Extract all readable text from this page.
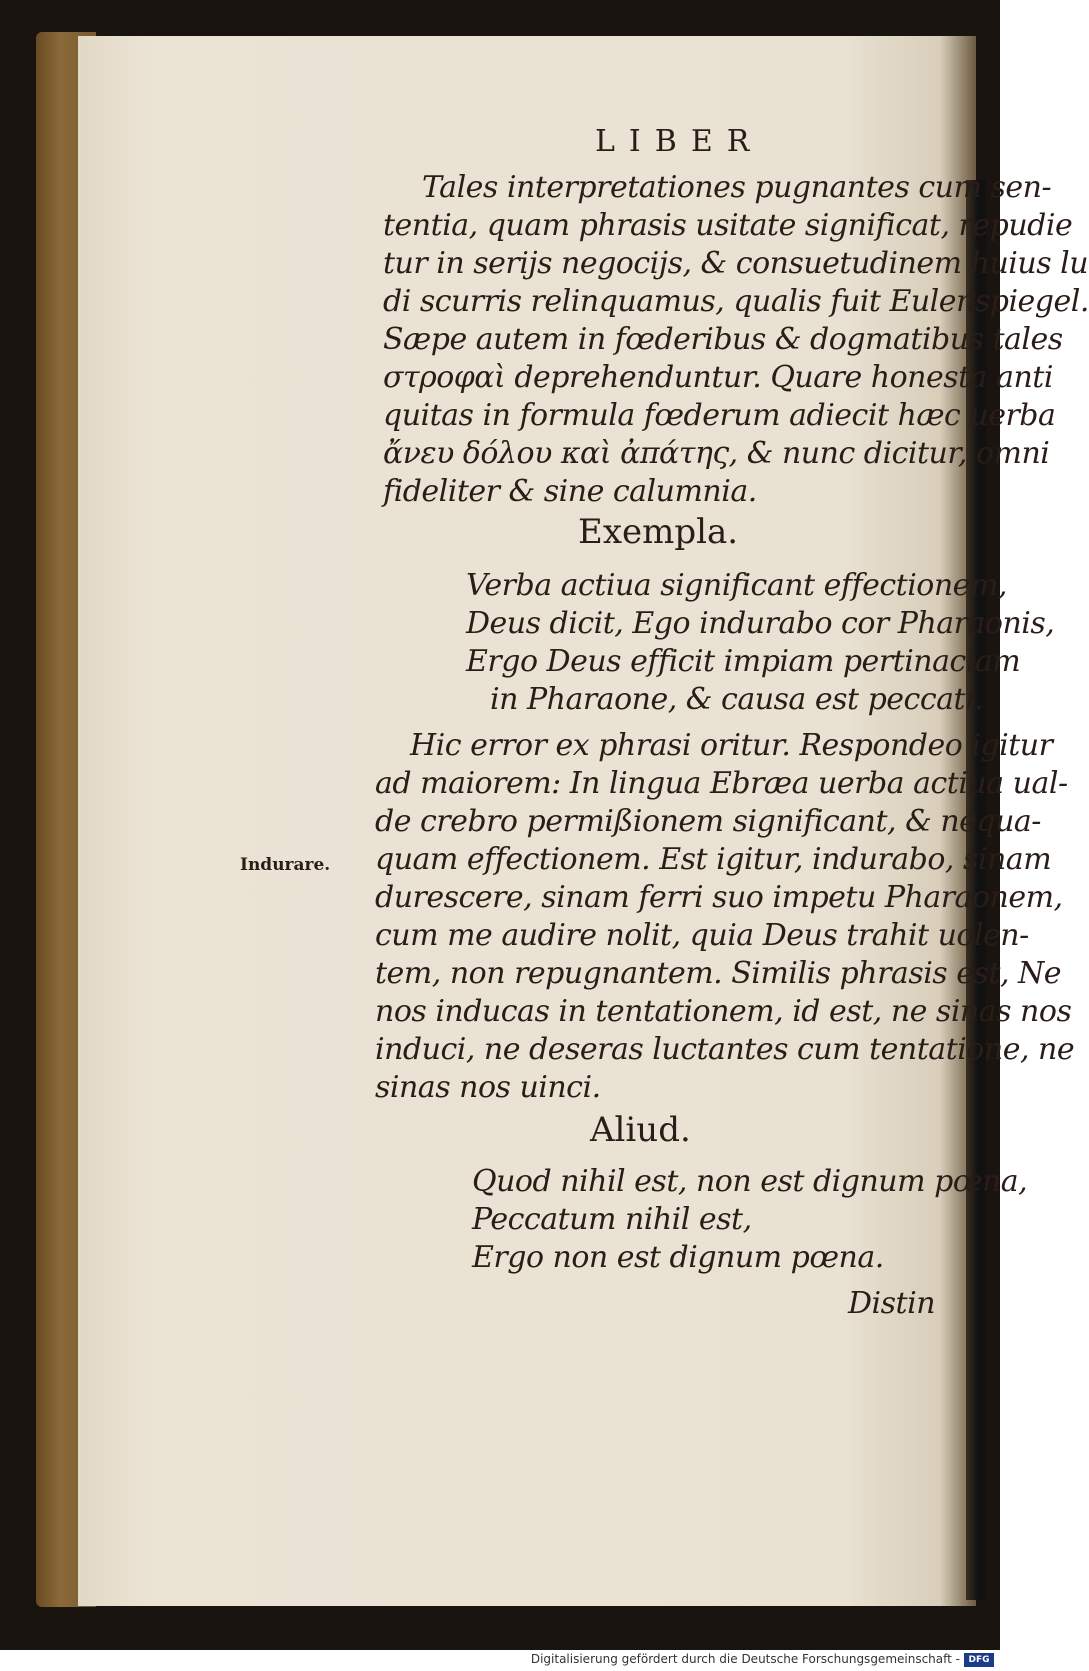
LIBER
Tales interpretationes pugnantes cum sen-
tentia, quam phrasis usitate significat, repudie
tur in serijs negocijs, & consuetudinem huius lu
di scurris relinquamus, qualis fuit Eulenspiegel.
Sæpe autem in fœderibus & dogmatibus tales
στροφαὶ deprehenduntur. Quare honesta anti
quitas in formula fœderum adiecit hæc uerba
ἄνευ δόλου καὶ ἀπάτης, & nunc dicitur, omni
fideliter & sine calumnia.
Exempla.
Verba actiua significant effectionem,
Deus dicit, Ego indurabo cor Pharaonis,
Ergo Deus efficit impiam pertinaciam
in Pharaone, & causa est peccati.
Hic error ex phrasi oritur. Respondeo igitur
ad maiorem: In lingua Ebræa uerba actiua ual-
de crebro permißionem significant, & nequa-
quam effectionem. Est igitur, indurabo, sinam
durescere, sinam ferri suo impetu Pharaonem,
cum me audire nolit, quia Deus trahit uolen-
tem, non repugnantem. Similis phrasis est, Ne
nos inducas in tentationem, id est, ne sinas nos
induci, ne deseras luctantes cum tentatione, ne
sinas nos uinci.
Indurare.
Aliud.
Quod nihil est, non est dignum pœna,
Peccatum nihil est,
Ergo non est dignum pœna.
Distin
Digitalisierung gefördert durch die Deutsche Forschungsgemeinschaft - DFG
